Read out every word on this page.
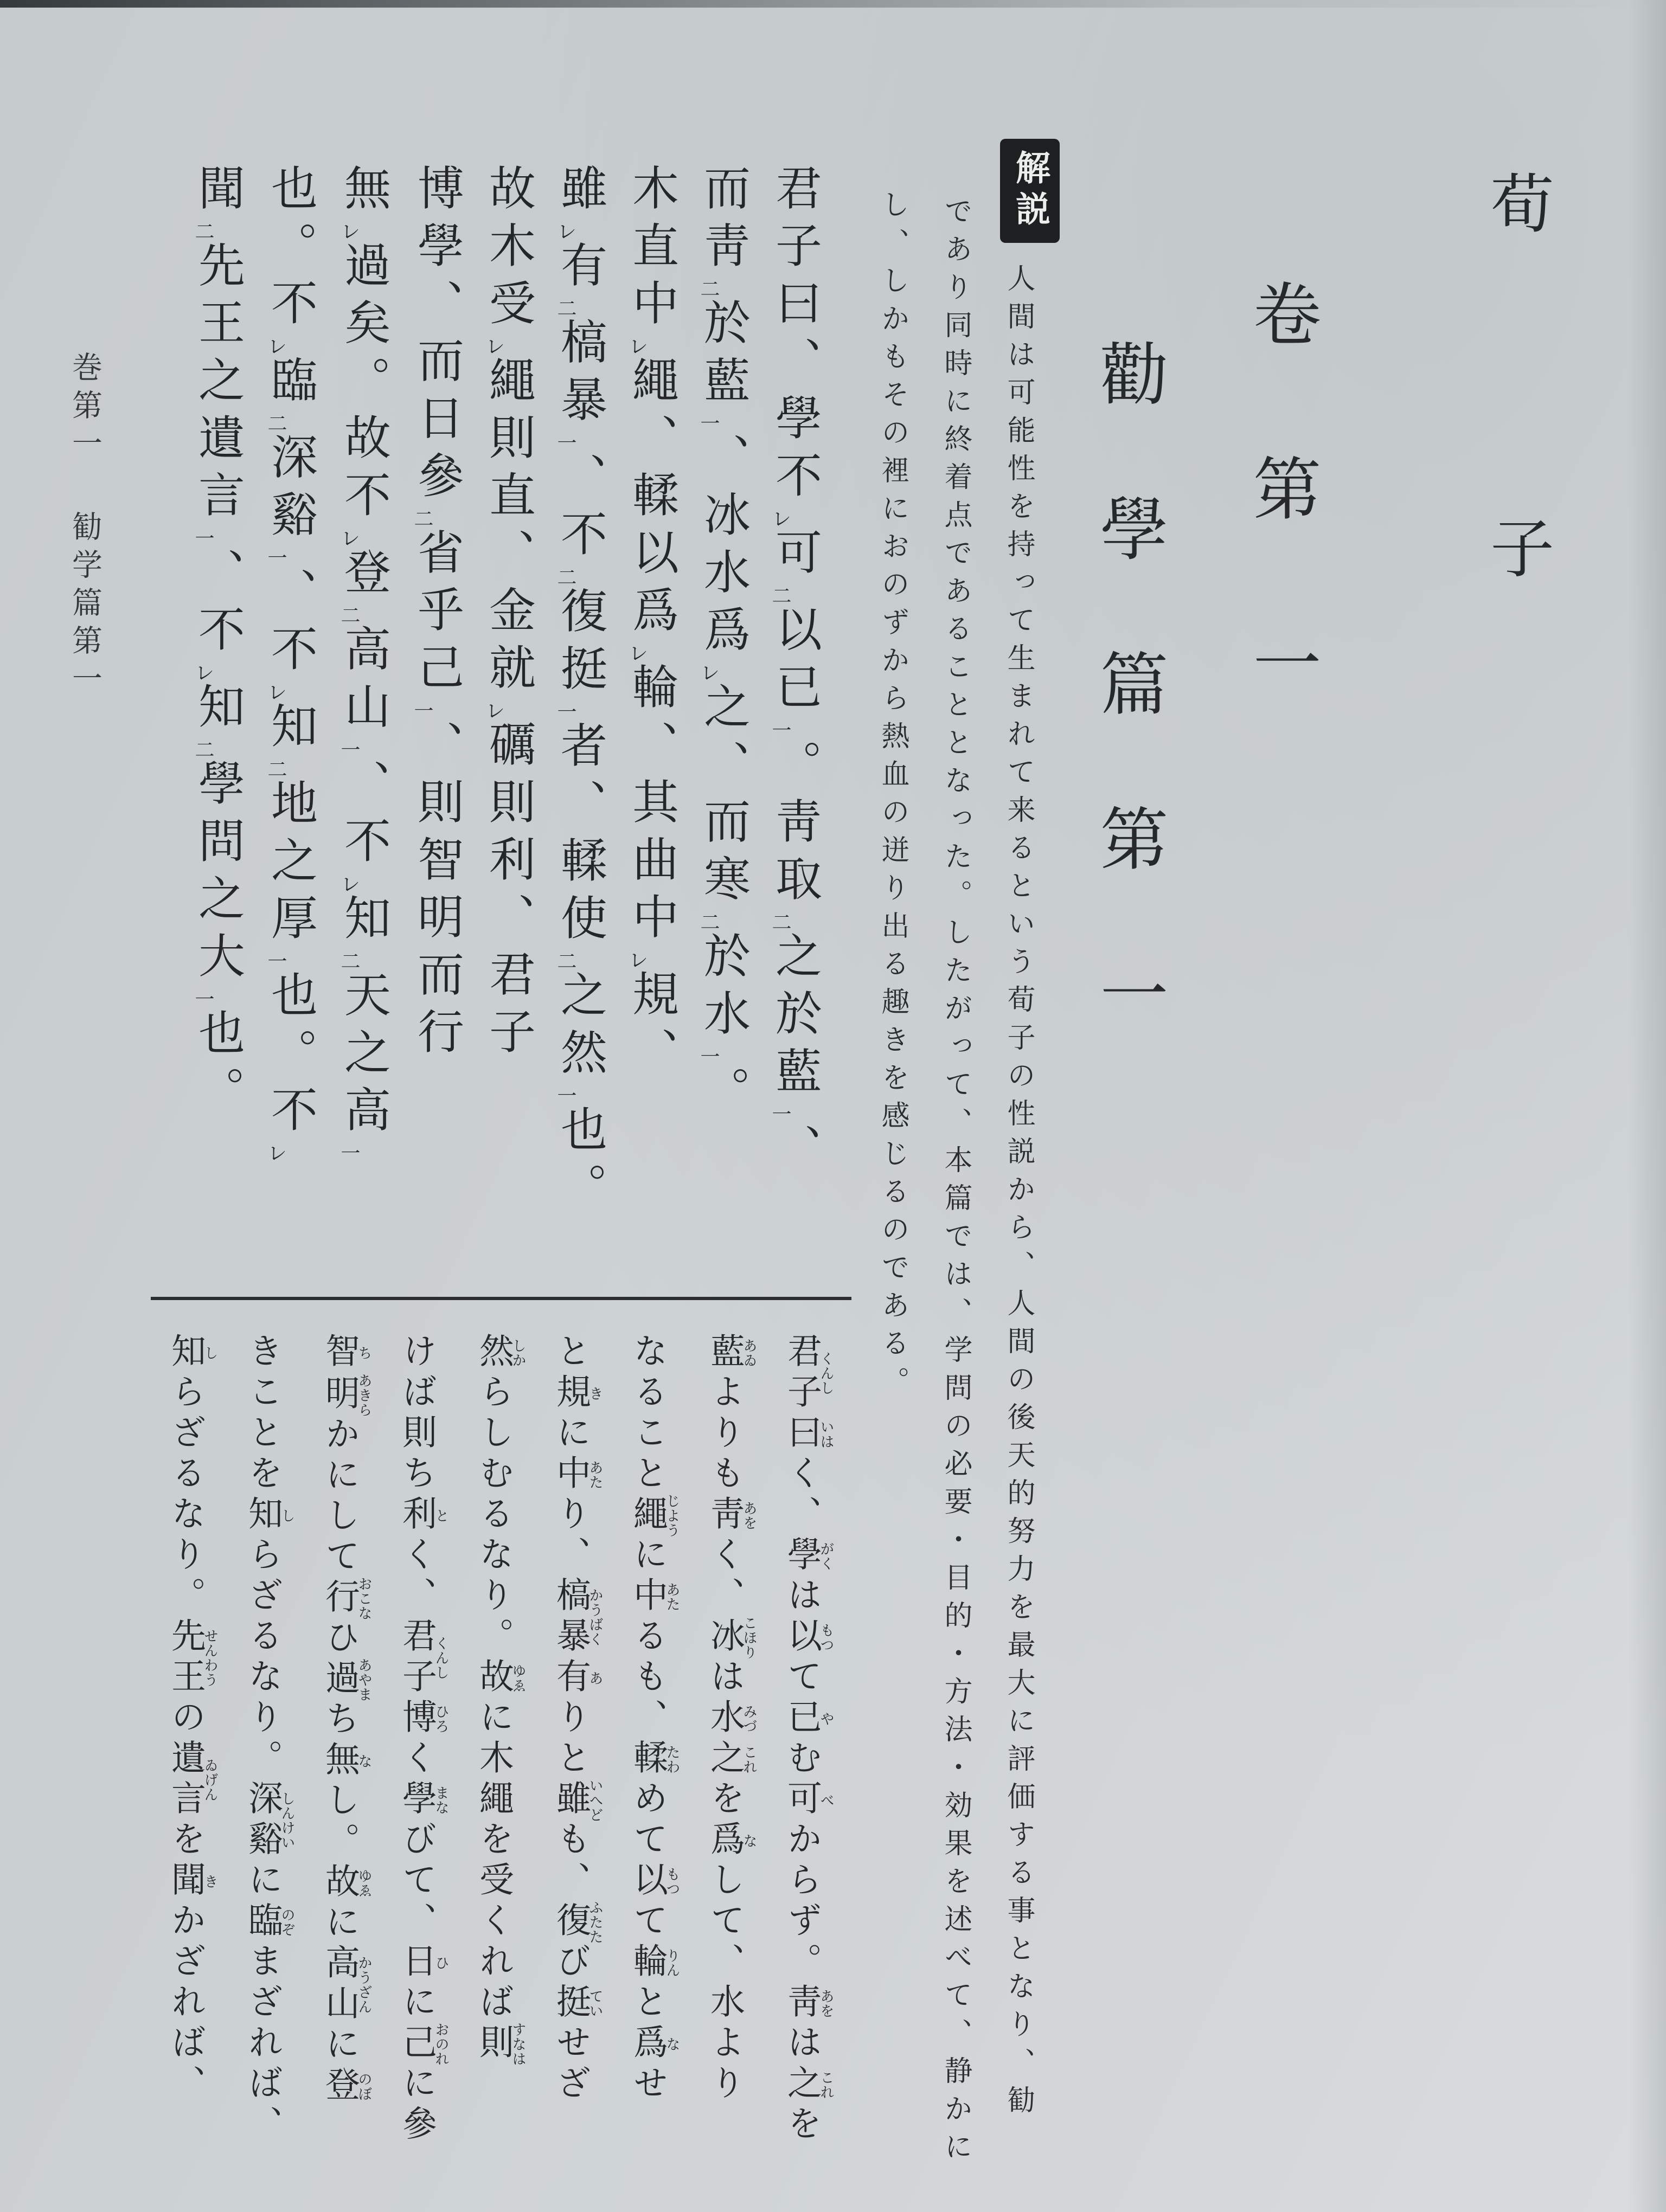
荀　子
卷第一
勸學篇第一
解説
人間は可能性を持って生まれて来るという荀子の性説から、人間の後天的努力を最大に評価する事となり、勧
であり同時に終着点であることとなった。したがって、本篇では、学問の必要・目的・方法・効果を述べて、静かに
し、しかもその裡におのずから熱血の迸り出る趣きを感じるのである。
君子曰、學不レ可二以已一。靑取二之於藍一、
而靑二於藍一、冰水爲レ之、而寒二於水一。
木直中レ繩、輮以爲レ輪、其曲中レ規、
雖レ有二槁暴一、不二復挺一者、輮使二之然一也。
故木受レ繩則直、金就レ礪則利、君子
博學、而日參二省乎己一、則智明而行
無レ過矣。故不レ登二高山一、不レ知二天之高一
也。不レ臨二深谿一、不レ知二地之厚一也。不レ
聞二先王之遺言一、不レ知二學問之大一也。
君子くんし曰いはく、學がくは以もつて已やむ可べからず。靑あをは之これを
藍あゐよりも靑あをく、冰こほりは水みづ之これを爲なして、水より
なること繩じように中あたるも、輮たわめて以もつて輪りんと爲なせ
と規きに中あたり、槁暴かうばく有ありと雖いへども、復ふたたび挺ていせざ
然しからしむるなり。故ゆゑに木繩を受くれば則すなは
けば則ち利とく、君子くんし博ひろく學まなびて、日ひに己おのれに參
智ち明あきらかにして行おこなひ過あやまち無なし。故ゆゑに高山かうざんに登のぼ
きことを知しらざるなり。深谿しんけいに臨のぞまざれば、
知しらざるなり。先王せんわうの遺言ゐげんを聞きかざれば、
巻第一
勧学篇第一
